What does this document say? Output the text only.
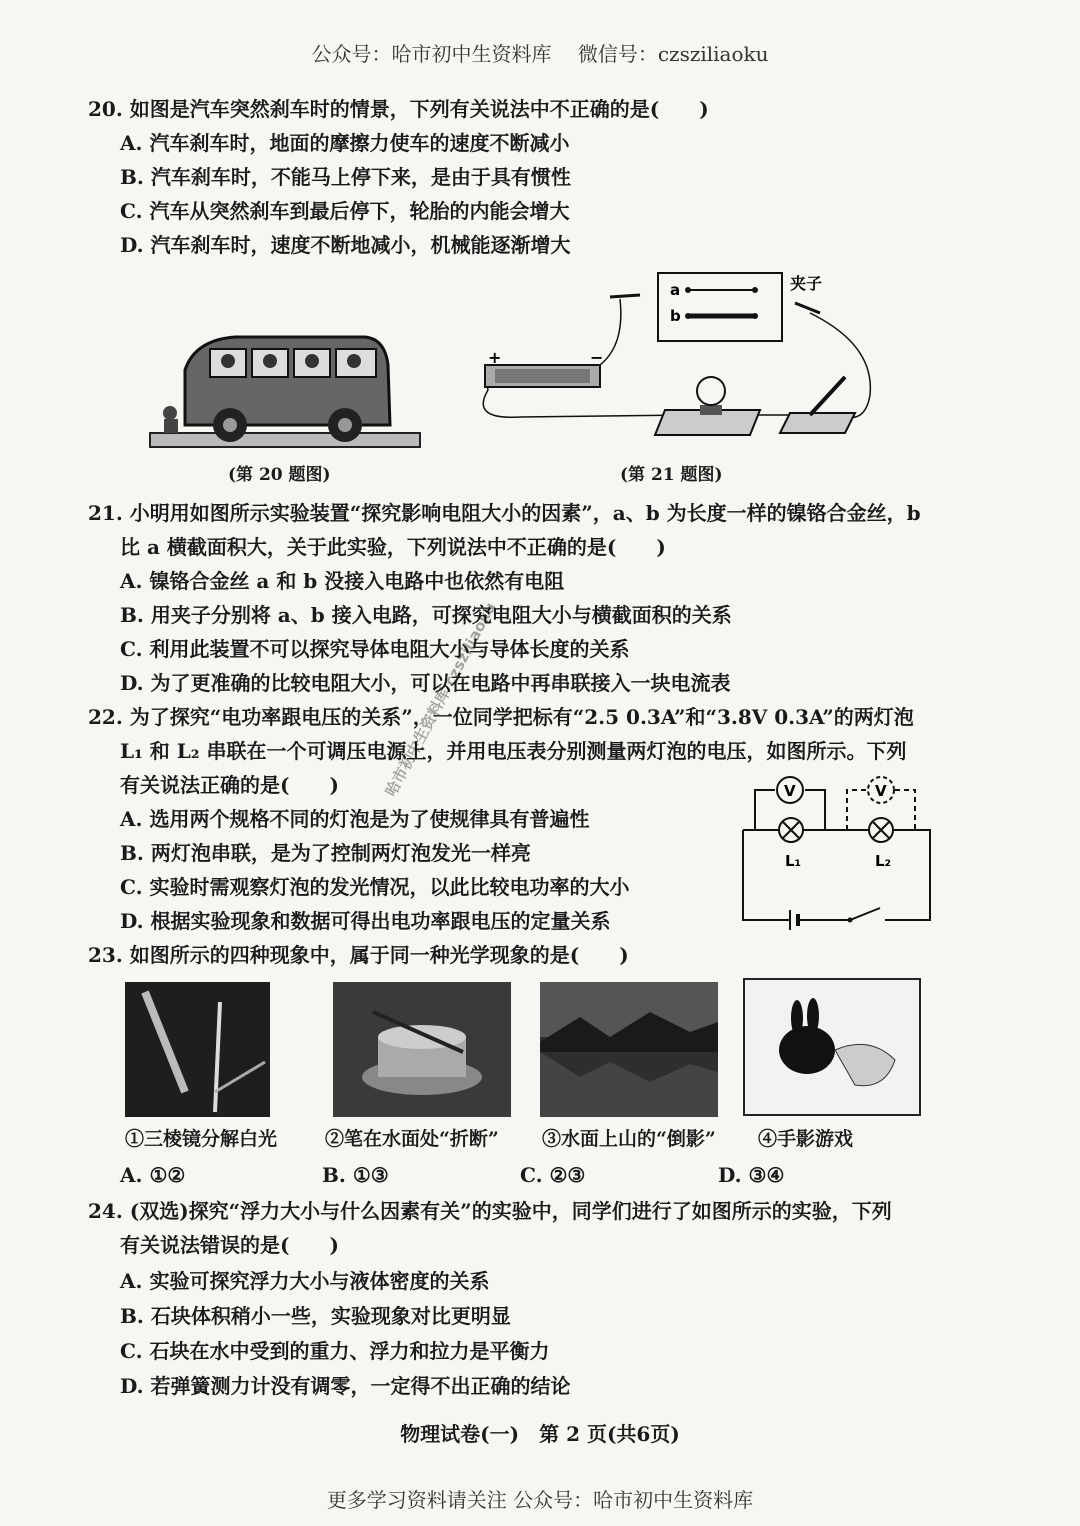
公众号：哈市初中生资料库　 微信号：czsziliaoku
20. 如图是汽车突然刹车时的情景，下列有关说法中不正确的是(　　)
A. 汽车刹车时，地面的摩擦力使车的速度不断减小
B. 汽车刹车时，不能马上停下来，是由于具有惯性
C. 汽车从突然刹车到最后停下，轮胎的内能会增大
D. 汽车刹车时，速度不断地减小，机械能逐渐增大
(第 20 题图)
a
b
夹子
+	−
(第 21 题图)
21. 小明用如图所示实验装置“探究影响电阻大小的因素”，a、b 为长度一样的镍铬合金丝，b
比 a 横截面积大，关于此实验，下列说法中不正确的是(　　)
A. 镍铬合金丝 a 和 b 没接入电路中也依然有电阻
B. 用夹子分别将 a、b 接入电路，可探究电阻大小与横截面积的关系
C. 利用此装置不可以探究导体电阻大小与导体长度的关系
D. 为了更准确的比较电阻大小，可以在电路中再串联接入一块电流表
22. 为了探究“电功率跟电压的关系”，一位同学把标有“2.5 0.3A”和“3.8V 0.3A”的两灯泡
L₁ 和 L₂ 串联在一个可调压电源上，并用电压表分别测量两灯泡的电压，如图所示。下列
有关说法正确的是(　　)
A. 选用两个规格不同的灯泡是为了使规律具有普遍性
B. 两灯泡串联，是为了控制两灯泡发光一样亮
C. 实验时需观察灯泡的发光情况，以此比较电功率的大小
D. 根据实验现象和数据可得出电功率跟电压的定量关系
V	V
L₁	L₂
23. 如图所示的四种现象中，属于同一种光学现象的是(　　)
①三棱镜分解白光	②笔在水面处“折断” ③水面上山的“倒影” ④手影游戏
A. ①②	B. ①③	C. ②③	D. ③④
24. (双选)探究“浮力大小与什么因素有关”的实验中，同学们进行了如图所示的实验，下列
有关说法错误的是(　　)
A. 实验可探究浮力大小与液体密度的关系
B. 石块体积稍小一些，实验现象对比更明显
C. 石块在水中受到的重力、浮力和拉力是平衡力
D. 若弹簧测力计没有调零，一定得不出正确的结论
物理试卷(一)　第 2 页(共6页)
更多学习资料请关注 公众号：哈市初中生资料库
哈市初中生资料库 czsziliaoku
